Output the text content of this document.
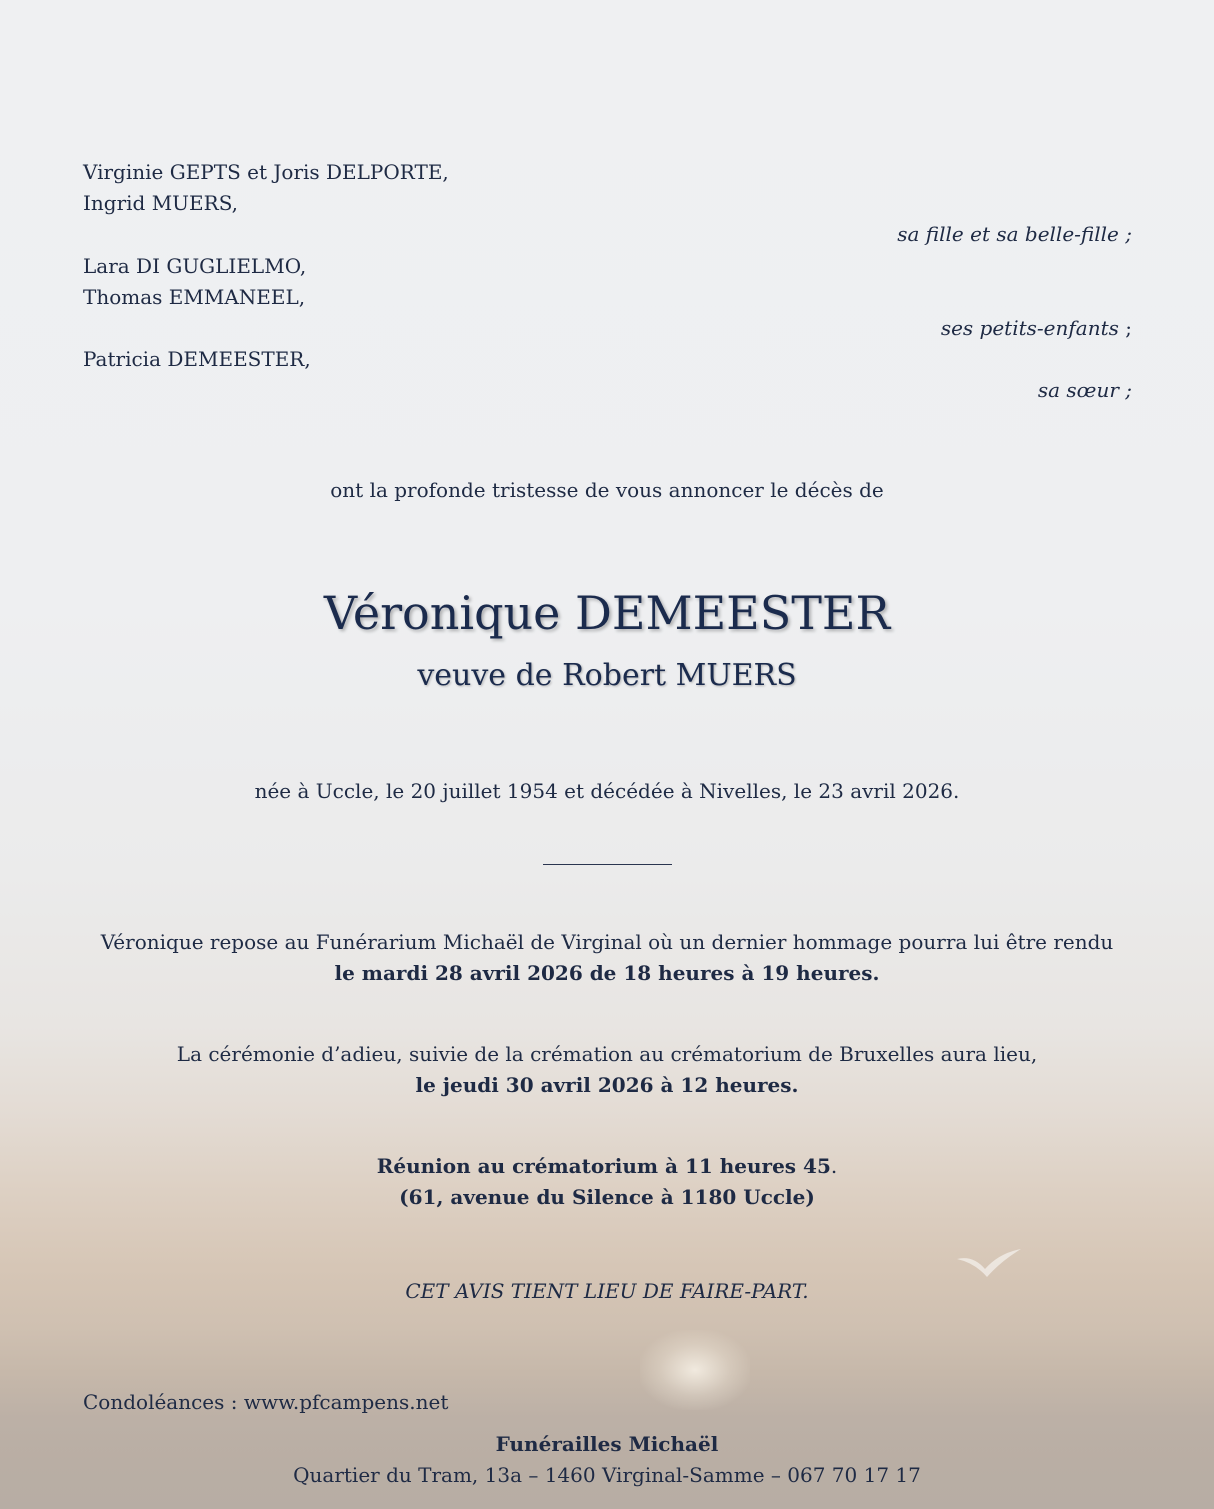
Virginie GEPTS et Joris DELPORTE,
Ingrid MUERS,
sa fille et sa belle-fille ;
Lara DI GUGLIELMO,
Thomas EMMANEEL,
ses petits-enfants ;
Patricia DEMEESTER,
sa sœur ;
ont la profonde tristesse de vous annoncer le décès de
Véronique DEMEESTER
veuve de Robert MUERS
née à Uccle, le 20 juillet 1954 et décédée à Nivelles, le 23 avril 2026.
Véronique repose au Funérarium Michaël de Virginal où un dernier hommage pourra lui être rendu
le mardi 28 avril 2026 de 18 heures à 19 heures.
La cérémonie d’adieu, suivie de la crémation au crématorium de Bruxelles aura lieu,
le jeudi 30 avril 2026 à 12 heures.
Réunion au crématorium à 11 heures 45.
(61, avenue du Silence à 1180 Uccle)
CET AVIS TIENT LIEU DE FAIRE-PART.
Condoléances : www.pfcampens.net
Funérailles Michaël
Quartier du Tram, 13a – 1460 Virginal-Samme – 067 70 17 17
